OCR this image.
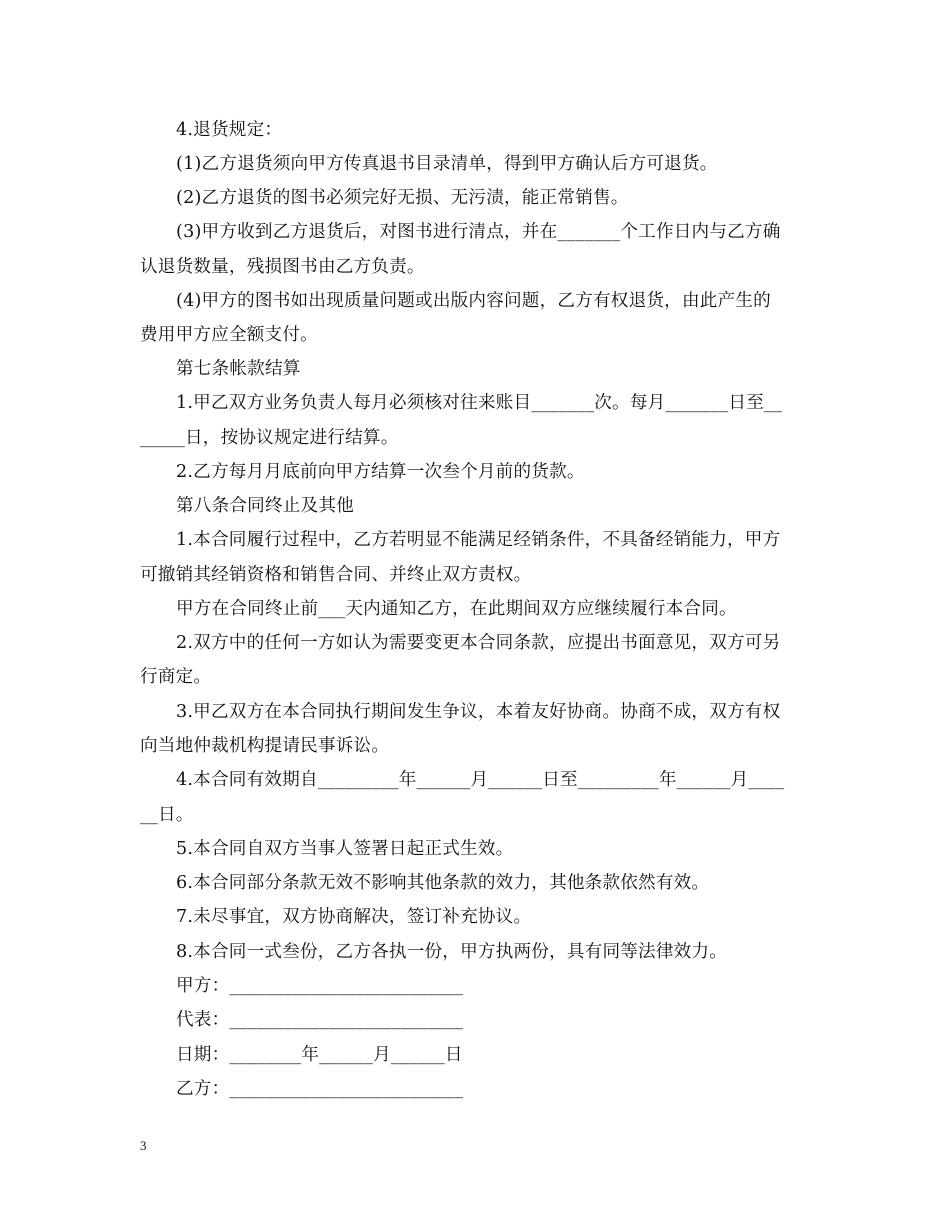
4.退货规定：
(1)乙方退货须向甲方传真退书目录清单，得到甲方确认后方可退货。
(2)乙方退货的图书必须完好无损、无污渍，能正常销售。
(3)甲方收到乙方退货后，对图书进行清点，并在_______个工作日内与乙方确
认退货数量，残损图书由乙方负责。
(4)甲方的图书如出现质量问题或出版内容问题，乙方有权退货，由此产生的
费用甲方应全额支付。
第七条帐款结算
1.甲乙双方业务负责人每月必须核对往来账目_______次。每月_______日至__
_____日，按协议规定进行结算。
2.乙方每月月底前向甲方结算一次叁个月前的货款。
第八条合同终止及其他
1.本合同履行过程中，乙方若明显不能满足经销条件，不具备经销能力，甲方
可撤销其经销资格和销售合同、并终止双方责权。
甲方在合同终止前___天内通知乙方，在此期间双方应继续履行本合同。
2.双方中的任何一方如认为需要变更本合同条款，应提出书面意见，双方可另
行商定。
3.甲乙双方在本合同执行期间发生争议，本着友好协商。协商不成，双方有权
向当地仲裁机构提请民事诉讼。
4.本合同有效期自_________年______月______日至_________年______月____
__日。
5.本合同自双方当事人签署日起正式生效。
6.本合同部分条款无效不影响其他条款的效力，其他条款依然有效。
7.未尽事宜，双方协商解决，签订补充协议。
8.本合同一式叁份，乙方各执一份，甲方执两份，具有同等法律效力。
甲方：__________________________
代表：__________________________
日期：________年______月______日
乙方：__________________________
3
